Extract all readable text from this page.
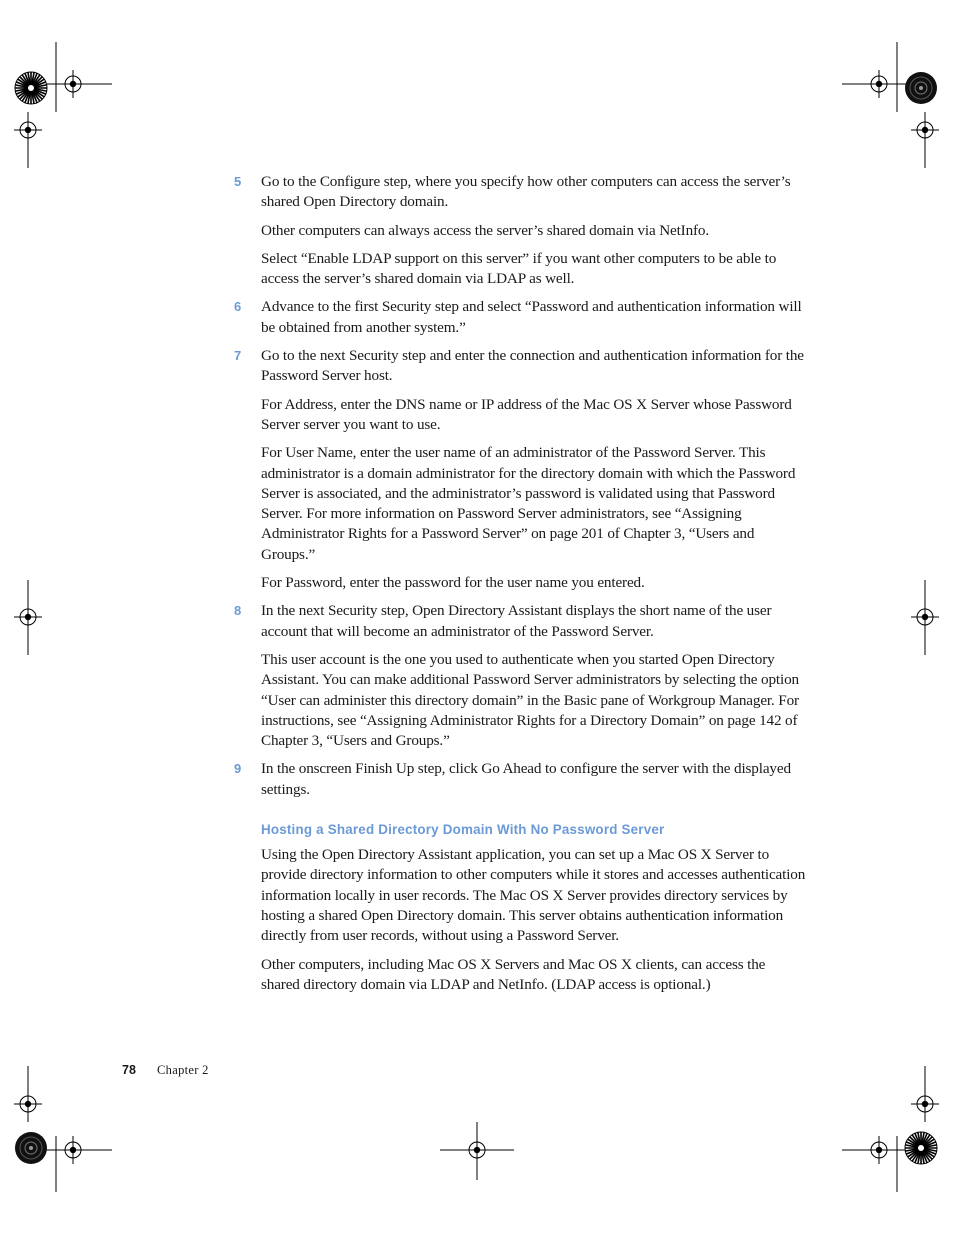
5 Go to the Configure step, where you specify how other computers can access the server’s shared Open Directory domain.

Other computers can always access the server’s shared domain via NetInfo.

Select “Enable LDAP support on this server” if you want other computers to be able to access the server’s shared domain via LDAP as well.

6 Advance to the first Security step and select “Password and authentication information will be obtained from another system.”
7 Go to the next Security step and enter the connection and authentication information for the Password Server host.

For Address, enter the DNS name or IP address of the Mac OS X Server whose Password Server server you want to use.

For User Name, enter the user name of an administrator of the Password Server. This administrator is a domain administrator for the directory domain with which the Password Server is associated, and the administrator’s password is validated using that Password Server. For more information on Password Server administrators, see “Assigning Administrator Rights for a Password Server” on page 201 of Chapter 3, “Users and Groups.”

For Password, enter the password for the user name you entered.

8 In the next Security step, Open Directory Assistant displays the short name of the user account that will become an administrator of the Password Server.

This user account is the one you used to authenticate when you started Open Directory Assistant. You can make additional Password Server administrators by selecting the option “User can administer this directory domain” in the Basic pane of Workgroup Manager. For instructions, see “Assigning Administrator Rights for a Directory Domain” on page 142 of Chapter 3, “Users and Groups.”

9 In the onscreen Finish Up step, click Go Ahead to configure the server with the displayed settings.
Hosting a Shared Directory Domain With No Password Server

Using the Open Directory Assistant application, you can set up a Mac OS X Server to provide directory information to other computers while it stores and accesses authentication information locally in user records. The Mac OS X Server provides directory services by hosting a shared Open Directory domain. This server obtains authentication information directly from user records, without using a Password Server.

Other computers, including Mac OS X Servers and Mac OS X clients, can access the shared directory domain via LDAP and NetInfo. (LDAP access is optional.)

78 Chapter 2
